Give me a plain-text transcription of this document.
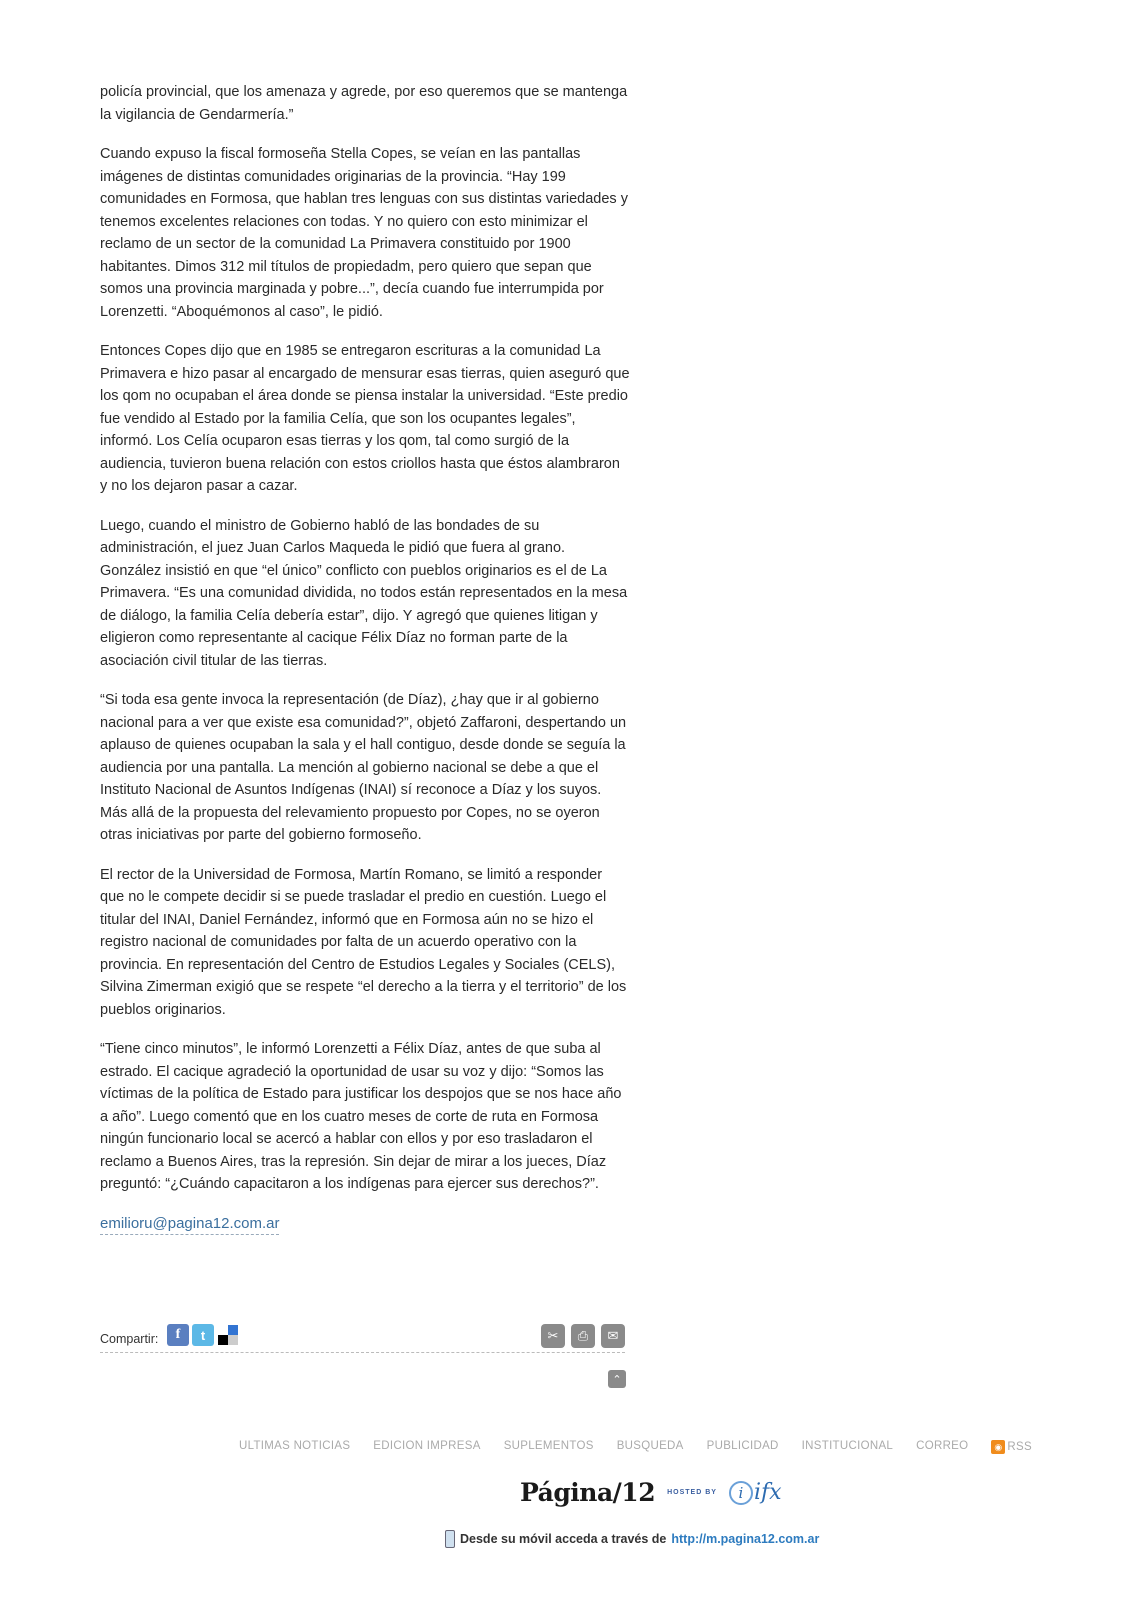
policía provincial, que los amenaza y agrede, por eso queremos que se mantenga la vigilancia de Gendarmería.”

Cuando expuso la fiscal formoseña Stella Copes, se veían en las pantallas imágenes de distintas comunidades originarias de la provincia. “Hay 199 comunidades en Formosa, que hablan tres lenguas con sus distintas variedades y tenemos excelentes relaciones con todas. Y no quiero con esto minimizar el reclamo de un sector de la comunidad La Primavera constituido por 1900 habitantes. Dimos 312 mil títulos de propiedadm, pero quiero que sepan que somos una provincia marginada y pobre...”, decía cuando fue interrumpida por Lorenzetti. “Aboquémonos al caso”, le pidió.

Entonces Copes dijo que en 1985 se entregaron escrituras a la comunidad La Primavera e hizo pasar al encargado de mensurar esas tierras, quien aseguró que los qom no ocupaban el área donde se piensa instalar la universidad. “Este predio fue vendido al Estado por la familia Celía, que son los ocupantes legales”, informó. Los Celía ocuparon esas tierras y los qom, tal como surgió de la audiencia, tuvieron buena relación con estos criollos hasta que éstos alambraron y no los dejaron pasar a cazar.

Luego, cuando el ministro de Gobierno habló de las bondades de su administración, el juez Juan Carlos Maqueda le pidió que fuera al grano. González insistió en que “el único” conflicto con pueblos originarios es el de La Primavera. “Es una comunidad dividida, no todos están representados en la mesa de diálogo, la familia Celía debería estar”, dijo. Y agregó que quienes litigan y eligieron como representante al cacique Félix Díaz no forman parte de la asociación civil titular de las tierras.

“Si toda esa gente invoca la representación (de Díaz), ¿hay que ir al gobierno nacional para a ver que existe esa comunidad?”, objetó Zaffaroni, despertando un aplauso de quienes ocupaban la sala y el hall contiguo, desde donde se seguía la audiencia por una pantalla. La mención al gobierno nacional se debe a que el Instituto Nacional de Asuntos Indígenas (INAI) sí reconoce a Díaz y los suyos. Más allá de la propuesta del relevamiento propuesto por Copes, no se oyeron otras iniciativas por parte del gobierno formoseño.

El rector de la Universidad de Formosa, Martín Romano, se limitó a responder que no le compete decidir si se puede trasladar el predio en cuestión. Luego el titular del INAI, Daniel Fernández, informó que en Formosa aún no se hizo el registro nacional de comunidades por falta de un acuerdo operativo con la provincia. En representación del Centro de Estudios Legales y Sociales (CELS), Silvina Zimerman exigió que se respete “el derecho a la tierra y el territorio” de los pueblos originarios.

“Tiene cinco minutos”, le informó Lorenzetti a Félix Díaz, antes de que suba al estrado. El cacique agradeció la oportunidad de usar su voz y dijo: “Somos las víctimas de la política de Estado para justificar los despojos que se nos hace año a año”. Luego comentó que en los cuatro meses de corte de ruta en Formosa ningún funcionario local se acercó a hablar con ellos y por eso trasladaron el reclamo a Buenos Aires, tras la represión. Sin dejar de mirar a los jueces, Díaz preguntó: “¿Cuándo capacitaron a los indígenas para ejercer sus derechos?”.

emilioru@pagina12.com.ar
Compartir:	f	t	✂	⎙	✉
⌃
ULTIMAS NOTICIAS EDICION IMPRESA SUPLEMENTOS BUSQUEDA PUBLICIDAD INSTITUCIONAL CORREO	◉ RSS
Página/12 HOSTED BY	i ifx
Desde su móvil acceda a través de http://m.pagina12.com.ar
